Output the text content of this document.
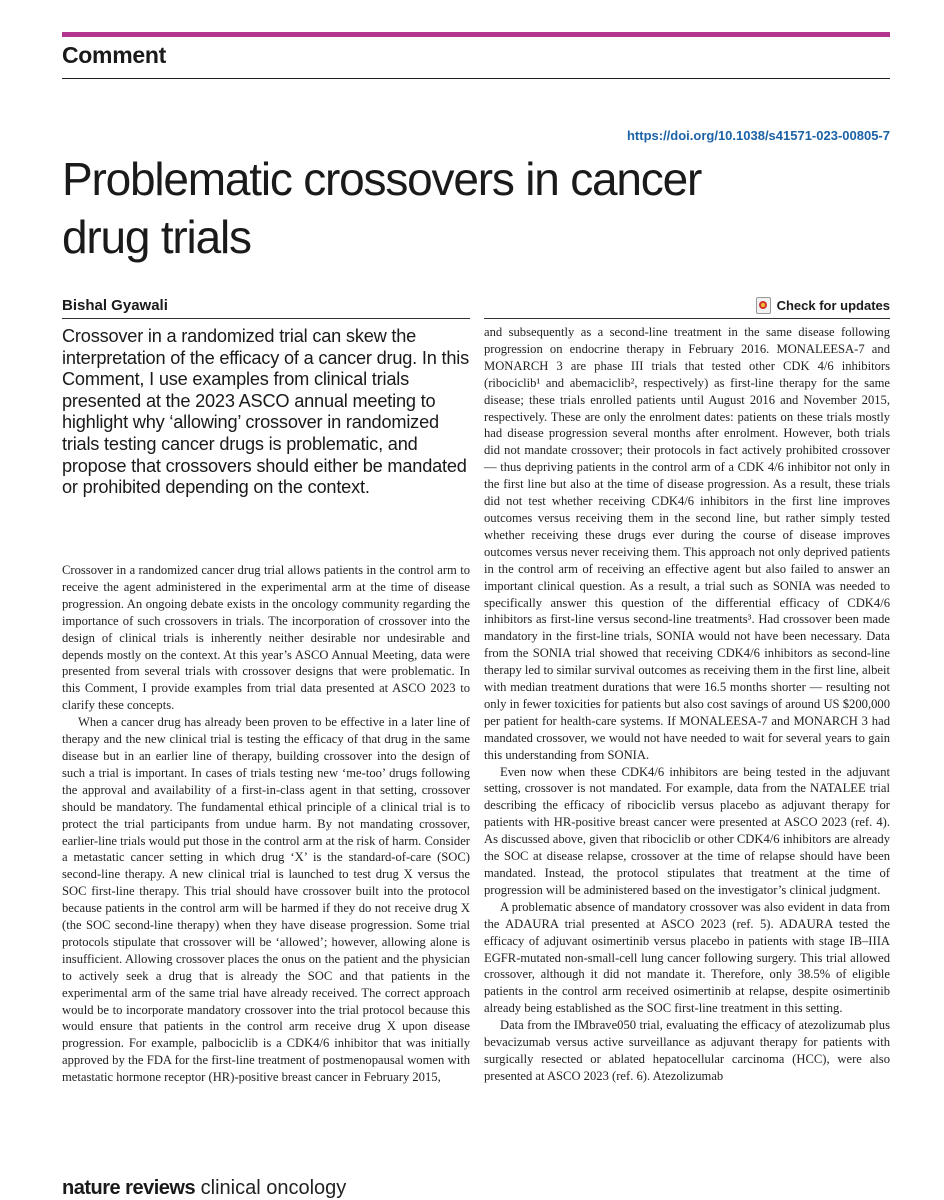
Comment
https://doi.org/10.1038/s41571-023-00805-7
Problematic crossovers in cancer drug trials
Bishal Gyawali	Check for updates

Crossover in a randomized trial can skew the interpretation of the efficacy of a cancer drug. In this Comment, I use examples from clinical trials presented at the 2023 ASCO annual meeting to highlight why ‘allowing’ crossover in randomized trials testing cancer drugs is problematic, and propose that crossovers should either be mandated or prohibited depending on the context.

Crossover in a randomized cancer drug trial allows patients in the control arm to receive the agent administered in the experimental arm at the time of disease progression. An ongoing debate exists in the oncology community regarding the importance of such crossovers in trials. The incorporation of crossover into the design of clinical trials is inherently neither desirable nor undesirable and depends mostly on the context. At this year’s ASCO Annual Meeting, data were presented from several trials with crossover designs that were problematic. In this Comment, I provide examples from trial data presented at ASCO 2023 to clarify these concepts.

When a cancer drug has already been proven to be effective in a later line of therapy and the new clinical trial is testing the efficacy of that drug in the same disease but in an earlier line of therapy, building crossover into the design of such a trial is important. In cases of trials testing new ‘me-too’ drugs following the approval and availability of a first-in-class agent in that setting, crossover should be mandatory. The fundamental ethical principle of a clinical trial is to protect the trial participants from undue harm. By not mandating crossover, earlier-line trials would put those in the control arm at the risk of harm. Consider a metastatic cancer setting in which drug ‘X’ is the standard-of-care (SOC) second-line therapy. A new clinical trial is launched to test drug X versus the SOC first-line therapy. This trial should have crossover built into the protocol because patients in the control arm will be harmed if they do not receive drug X (the SOC second-line therapy) when they have disease progression. Some trial protocols stipulate that crossover will be ‘allowed’; however, allowing alone is insufficient. Allowing crossover places the onus on the patient and the physician to actively seek a drug that is already the SOC and that patients in the experimental arm of the same trial have already received. The correct approach would be to incorporate mandatory crossover into the trial protocol because this would ensure that patients in the control arm receive drug X upon disease progression. For example, palbociclib is a CDK4/6 inhibitor that was initially approved by the FDA for the first-line treatment of postmenopausal women with metastatic hormone receptor (HR)-positive breast cancer in February 2015,

and subsequently as a second-line treatment in the same disease following progression on endocrine therapy in February 2016. MONALEESA-7 and MONARCH 3 are phase III trials that tested other CDK 4/6 inhibitors (ribociclib¹ and abemaciclib², respectively) as first-line therapy for the same disease; these trials enrolled patients until August 2016 and November 2015, respectively. These are only the enrolment dates: patients on these trials mostly had disease progression several months after enrolment. However, both trials did not mandate crossover; their protocols in fact actively prohibited crossover — thus depriving patients in the control arm of a CDK 4/6 inhibitor not only in the first line but also at the time of disease progression. As a result, these trials did not test whether receiving CDK4/6 inhibitors in the first line improves outcomes versus receiving them in the second line, but rather simply tested whether receiving these drugs ever during the course of disease improves outcomes versus never receiving them. This approach not only deprived patients in the control arm of receiving an effective agent but also failed to answer an important clinical question. As a result, a trial such as SONIA was needed to specifically answer this question of the differential efficacy of CDK4/6 inhibitors as first-line versus second-line treatments³. Had crossover been made mandatory in the first-line trials, SONIA would not have been necessary. Data from the SONIA trial showed that receiving CDK4/6 inhibitors as second-line therapy led to similar survival outcomes as receiving them in the first line, albeit with median treatment durations that were 16.5 months shorter — resulting not only in fewer toxicities for patients but also cost savings of around US $200,000 per patient for health-care systems. If MONALEESA-7 and MONARCH 3 had mandated crossover, we would not have needed to wait for several years to gain this understanding from SONIA.

Even now when these CDK4/6 inhibitors are being tested in the adjuvant setting, crossover is not mandated. For example, data from the NATALEE trial describing the efficacy of ribociclib versus placebo as adjuvant therapy for patients with HR-positive breast cancer were presented at ASCO 2023 (ref. 4). As discussed above, given that ribociclib or other CDK4/6 inhibitors are already the SOC at disease relapse, crossover at the time of relapse should have been mandated. Instead, the protocol stipulates that treatment at the time of progression will be administered based on the investigator’s clinical judgment.

A problematic absence of mandatory crossover was also evident in data from the ADAURA trial presented at ASCO 2023 (ref. 5). ADAURA tested the efficacy of adjuvant osimertinib versus placebo in patients with stage IB–IIIA EGFR-mutated non-small-cell lung cancer following surgery. This trial allowed crossover, although it did not mandate it. Therefore, only 38.5% of eligible patients in the control arm received osimertinib at relapse, despite osimertinib already being established as the SOC first-line treatment in this setting.

Data from the IMbrave050 trial, evaluating the efficacy of atezolizumab plus bevacizumab versus active surveillance as adjuvant therapy for patients with surgically resected or ablated hepatocellular carcinoma (HCC), were also presented at ASCO 2023 (ref. 6). Atezolizumab

nature reviews clinical oncology
